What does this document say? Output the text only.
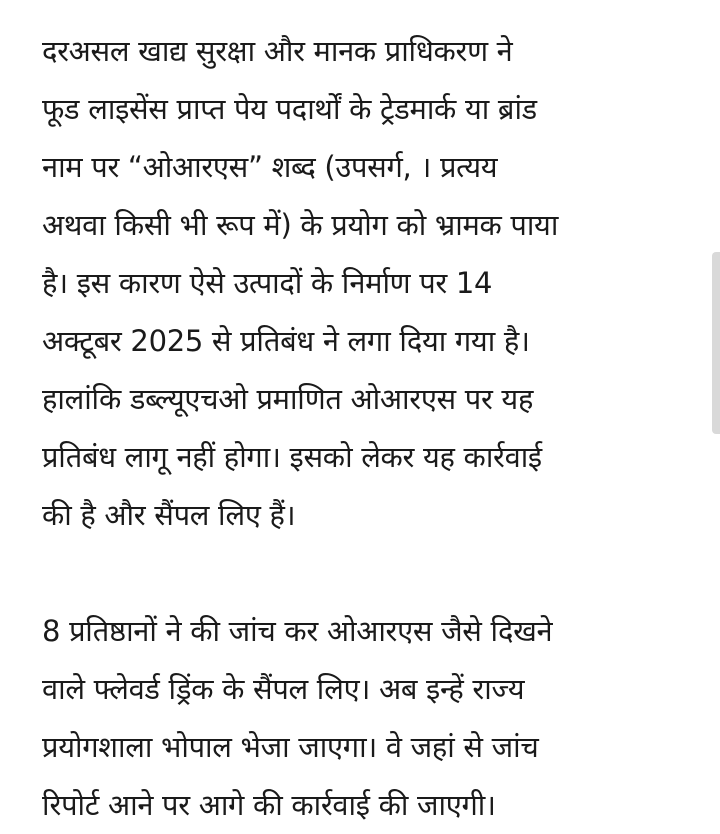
दरअसल खाद्य सुरक्षा और मानक प्राधिकरण ने
फूड लाइसेंस प्राप्त पेय पदार्थों के ट्रेडमार्क या ब्रांड
नाम पर “ओआरएस” शब्द (उपसर्ग, । प्रत्यय
अथवा किसी भी रूप में) के प्रयोग को भ्रामक पाया
है। इस कारण ऐसे उत्पादों के निर्माण पर 14
अक्टूबर 2025 से प्रतिबंध ने लगा दिया गया है।
हालांकि डब्ल्यूएचओ प्रमाणित ओआरएस पर यह
प्रतिबंध लागू नहीं होगा। इसको लेकर यह कार्रवाई
की है और सैंपल लिए हैं।

8 प्रतिष्ठानों ने की जांच कर ओआरएस जैसे दिखने
वाले फ्लेवर्ड ड्रिंक के सैंपल लिए। अब इन्हें राज्य
प्रयोगशाला भोपाल भेजा जाएगा। वे जहां से जांच
रिपोर्ट आने पर आगे की कार्रवाई की जाएगी।
